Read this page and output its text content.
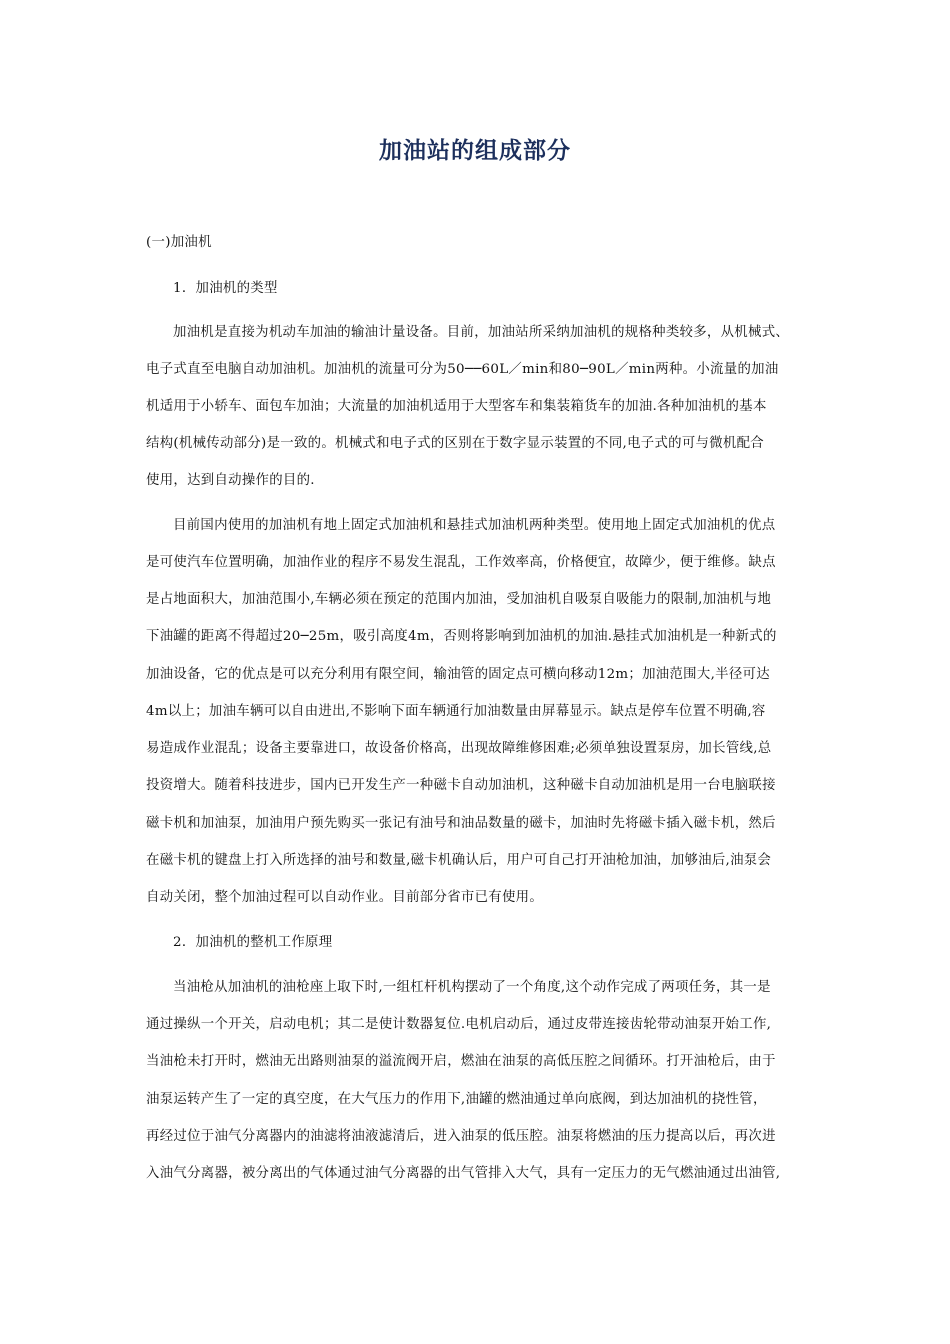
加油站的组成部分
(一)加油机
1．加油机的类型
加油机是直接为机动车加油的输油计量设备。目前，加油站所采纳加油机的规格种类较多，从机械式、
电子式直至电脑自动加油机。加油机的流量可分为50──60L／min和80─90L／min两种。小流量的加油
机适用于小轿车、面包车加油；大流量的加油机适用于大型客车和集装箱货车的加油.各种加油机的基本
结构(机械传动部分)是一致的。机械式和电子式的区别在于数字显示装置的不同,电子式的可与微机配合
使用，达到自动操作的目的.
目前国内使用的加油机有地上固定式加油机和悬挂式加油机两种类型。使用地上固定式加油机的优点
是可使汽车位置明确，加油作业的程序不易发生混乱，工作效率高，价格便宜，故障少，便于维修。缺点
是占地面积大，加油范围小,车辆必须在预定的范围内加油，受加油机自吸泵自吸能力的限制,加油机与地
下油罐的距离不得超过20─25m，吸引高度4m，否则将影响到加油机的加油.悬挂式加油机是一种新式的
加油设备，它的优点是可以充分利用有限空间，输油管的固定点可横向移动12m；加油范围大,半径可达
4m以上；加油车辆可以自由进出,不影响下面车辆通行加油数量由屏幕显示。缺点是停车位置不明确,容
易造成作业混乱；设备主要靠进口，故设备价格高，出现故障维修困难;必须单独设置泵房，加长管线,总
投资增大。随着科技进步，国内已开发生产一种磁卡自动加油机，这种磁卡自动加油机是用一台电脑联接
磁卡机和加油泵，加油用户预先购买一张记有油号和油品数量的磁卡，加油时先将磁卡插入磁卡机，然后
在磁卡机的键盘上打入所选择的油号和数量,磁卡机确认后，用户可自己打开油枪加油，加够油后,油泵会
自动关闭，整个加油过程可以自动作业。目前部分省市已有使用。
2．加油机的整机工作原理
当油枪从加油机的油枪座上取下时,一组杠杆机构摆动了一个角度,这个动作完成了两项任务，其一是
通过操纵一个开关，启动电机；其二是使计数器复位.电机启动后，通过皮带连接齿轮带动油泵开始工作,
当油枪未打开时，燃油无出路则油泵的溢流阀开启，燃油在油泵的高低压腔之间循环。打开油枪后，由于
油泵运转产生了一定的真空度，在大气压力的作用下,油罐的燃油通过单向底阀，到达加油机的挠性管，
再经过位于油气分离器内的油滤将油液滤清后，进入油泵的低压腔。油泵将燃油的压力提高以后，再次进
入油气分离器，被分离出的气体通过油气分离器的出气管排入大气，具有一定压力的无气燃油通过出油管,
